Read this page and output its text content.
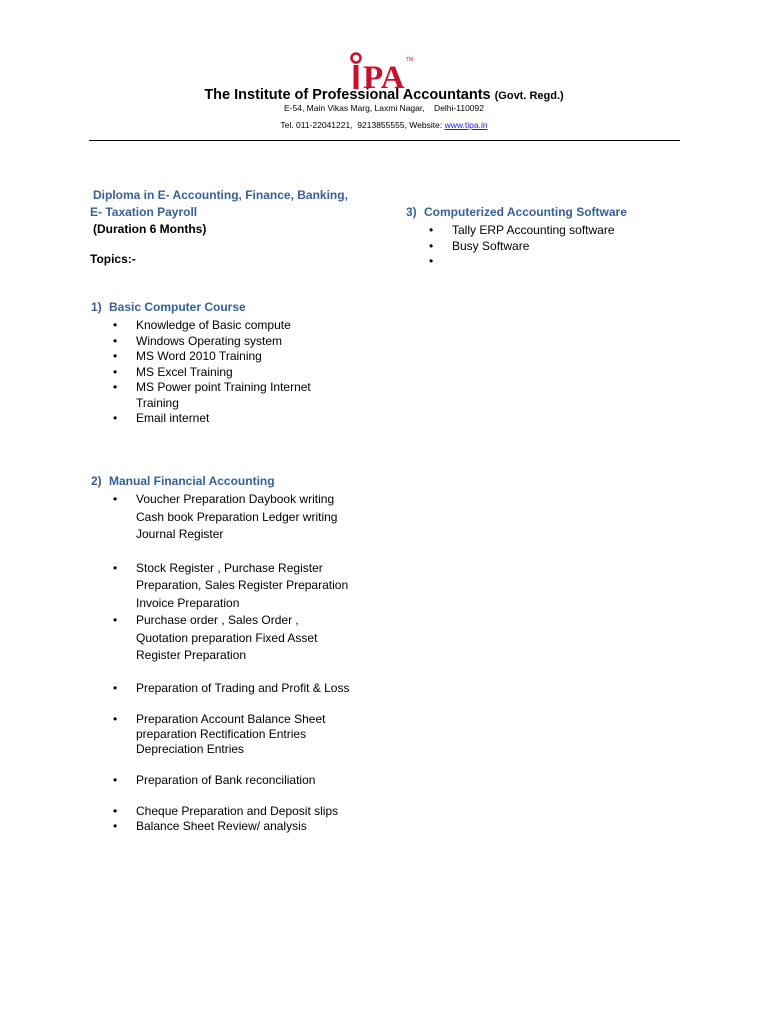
PA TM
The Institute of Professional Accountants (Govt. Regd.)
E-54, Main Vikas Marg, Laxmi Nagar,    Delhi-110092
Tel. 011-22041221,  9213855555, Website: www.tipa.in
Diploma in E- Accounting, Finance, Banking,
E- Taxation Payroll
(Duration 6 Months)
Topics:-
1) Basic Computer Course
• Knowledge of Basic compute
• Windows Operating system
• MS Word 2010 Training
• MS Excel Training
• MS Power point Training Internet Training
• Email internet
2) Manual Financial Accounting
• Voucher Preparation Daybook writing Cash book Preparation Ledger writing Journal Register
• Stock Register , Purchase Register Preparation, Sales Register Preparation Invoice Preparation
• Purchase order , Sales Order , Quotation preparation Fixed Asset Register Preparation
• Preparation of Trading and Profit & Loss
• Preparation Account Balance Sheet preparation Rectification Entries Depreciation Entries
• Preparation of Bank reconciliation
• Cheque Preparation and Deposit slips
• Balance Sheet Review/ analysis
3) Computerized Accounting Software
• Tally ERP Accounting software
• Busy Software
•
